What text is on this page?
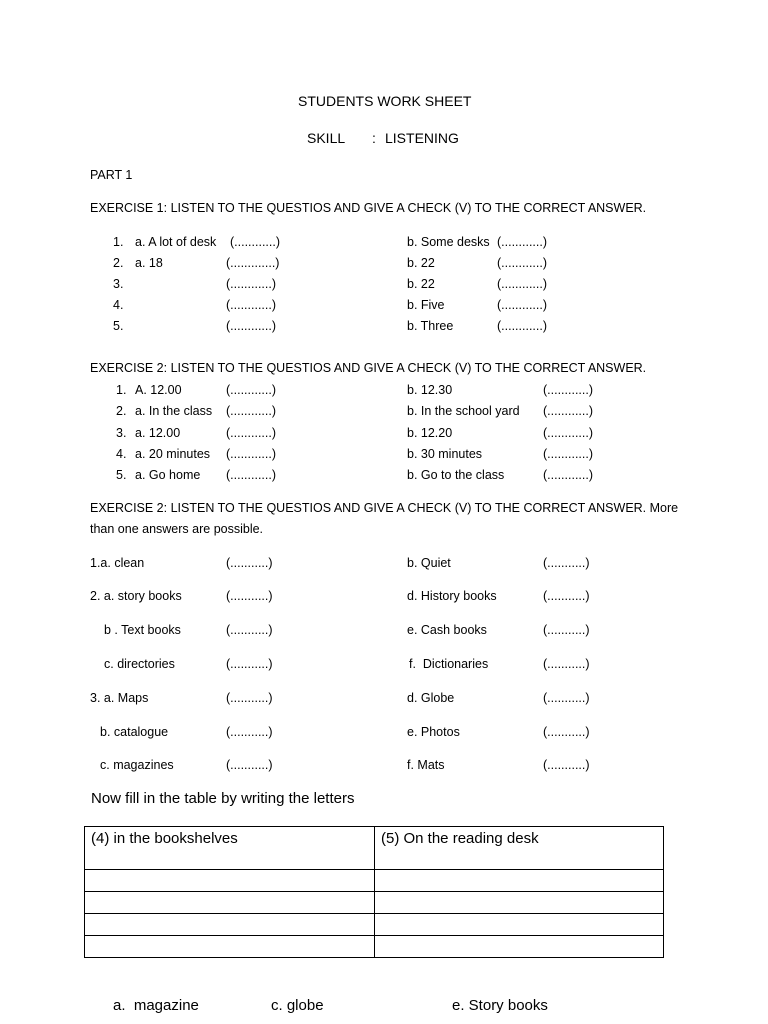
STUDENTS WORK SHEET
SKILL : LISTENING
PART 1
EXERCISE 1: LISTEN TO THE QUESTIOS AND GIVE A CHECK (V) TO THE CORRECT ANSWER.
1. a. A lot of desk (............)	b. Some desks (............)
2. a. 18	(.............)	b. 22	(............)
3.	(............)	b. 22	(............)
4.	(............)	b. Five	(............)
5.	(............)	b. Three	(............)
EXERCISE 2: LISTEN TO THE QUESTIOS AND GIVE A CHECK (V) TO THE CORRECT ANSWER.
1. A. 12.00	(............)	b. 12.30	(............)
2. a. In the class (............)	b. In the school yard (............)
3. a. 12.00	(............)	b. 12.20	(............)
4. a. 20 minutes (............)	b. 30 minutes	(............)
5. a. Go home (............)	b. Go to the class	(............)
EXERCISE 2: LISTEN TO THE QUESTIOS AND GIVE A CHECK (V) TO THE CORRECT ANSWER. More
than one answers are possible.
1.a. clean	(...........)	b. Quiet	(...........)
2. a. story books	(...........)	d. History books	(...........)
b . Text books	(...........)	e. Cash books	(...........)
c. directories	(...........)	f.  Dictionaries	(...........)
3. a. Maps	(...........)	d. Globe	(...........)
b. catalogue	(...........)	e. Photos	(...........)
c. magazines	(...........)	f. Mats	(...........)
Now fill in the table by writing the letters
(4) in the bookshelves	(5) On the reading desk

a.  magazine	c. globe	e. Story books
